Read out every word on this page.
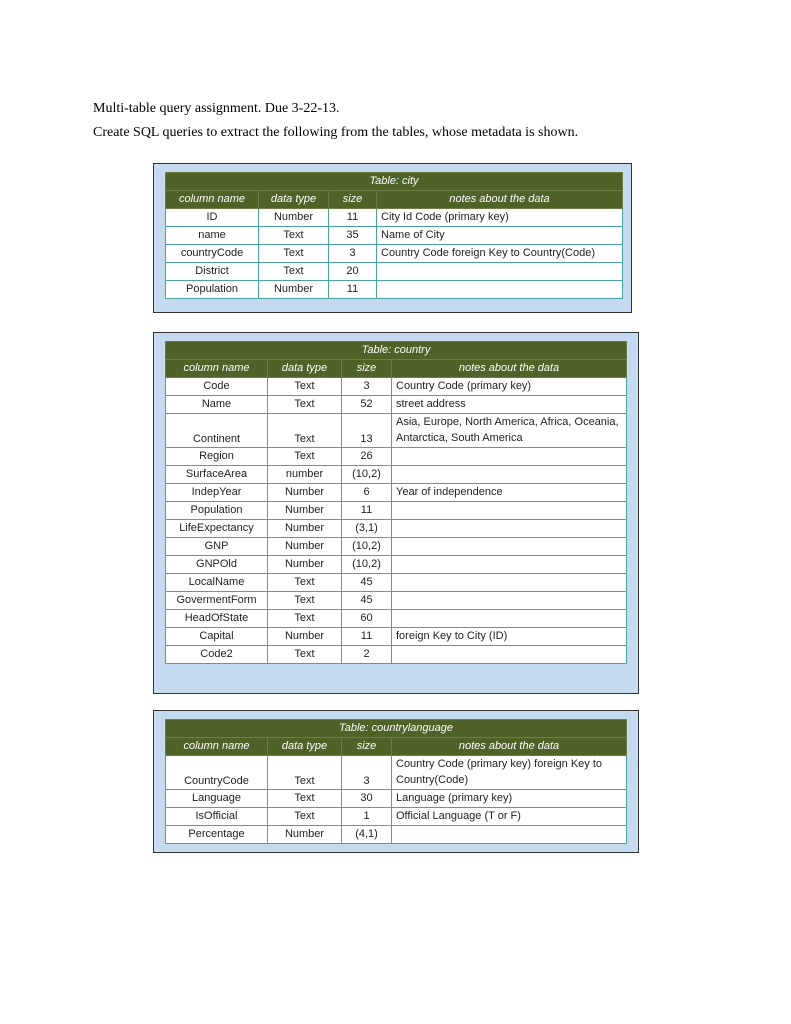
Multi-table query assignment. Due 3-22-13.
Create SQL queries to extract the following from the tables, whose metadata is shown.
Table: city			
column name	data type	size	notes about the data
ID	Number	11	City Id Code (primary key)
name	Text	35	Name of City
countryCode	Text	3	Country Code foreign Key to Country(Code)
District	Text	20	
Population	Number	11	
Table: country			
column name	data type	size	notes about the data
Code	Text	3	Country Code (primary key)
Name	Text	52	street address
Continent	Text	13	Asia, Europe, North America, Africa, Oceania, Antarctica, South America
Region	Text	26	
SurfaceArea	number	(10,2)	
IndepYear	Number	6	Year of independence
Population	Number	11	
LifeExpectancy	Number	(3,1)	
GNP	Number	(10,2)	
GNPOld	Number	(10,2)	
LocalName	Text	45	
GovermentForm	Text	45	
HeadOfState	Text	60	
Capital	Number	11	foreign Key to City (ID)
Code2	Text	2	
Table: countrylanguage			
column name	data type	size	notes about the data
CountryCode	Text	3	Country Code (primary key) foreign Key to Country(Code)
Language	Text	30	Language (primary key)
IsOfficial	Text	1	Official Language (T or F)
Percentage	Number	(4,1)	
